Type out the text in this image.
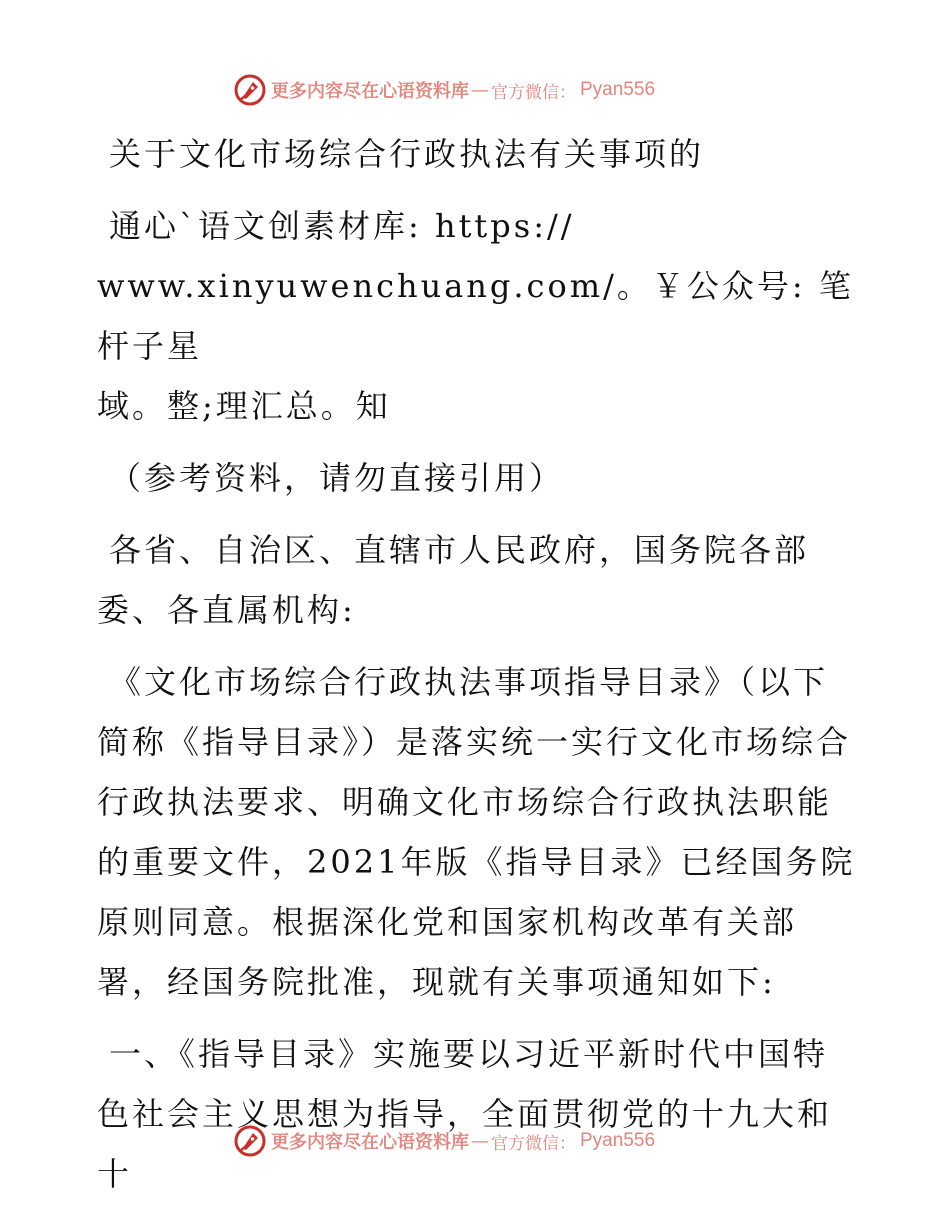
更多内容尽在心语资料库 — 官方微信： Pyan556

关于文化市场综合行政执法有关事项的

通心`语文创素材库: https://

www.xinyuwenchuang.com/。￥公众号: 笔杆子星

域。整;理汇总。知

（参考资料，请勿直接引用）

各省、自治区、直辖市人民政府，国务院各部

委、各直属机构:

《文化市场综合行政执法事项指导目录》（以下

简称《指导目录》）是落实统一实行文化市场综合行政执法要求、明确文化市场综合行政执法职能的重要文件，2021年版《指导目录》已经国务院原则同意。根据深化党和国家机构改革有关部署，经国务院批准，现就有关事项通知如下:

一、《指导目录》实施要以习近平新时代中国特

色社会主义思想为指导，全面贯彻党的十九大和十

更多内容尽在心语资料库 — 官方微信： Pyan556
